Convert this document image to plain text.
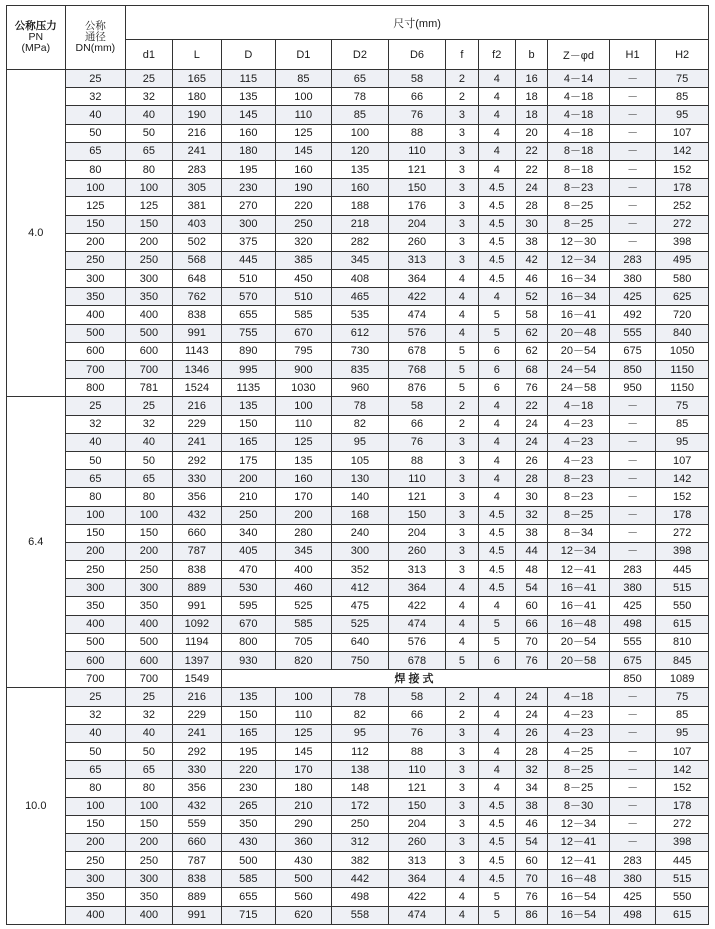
公称压力
PN
(MPa)	公称
通径
DN(mm)	尺寸(mm)											
		d1	L	D	D1	D2	D6	f	f2	b	Z－φd	H1	H2
4.0	25	25	165	115	85	65	58	2	4	16	4－14	－	75
	32	32	180	135	100	78	66	2	4	18	4－18	－	85
	40	40	190	145	110	85	76	3	4	18	4－18	－	95
	50	50	216	160	125	100	88	3	4	20	4－18	－	107
	65	65	241	180	145	120	110	3	4	22	8－18	－	142
	80	80	283	195	160	135	121	3	4	22	8－18	－	152
	100	100	305	230	190	160	150	3	4.5	24	8－23	－	178
	125	125	381	270	220	188	176	3	4.5	28	8－25	－	252
	150	150	403	300	250	218	204	3	4.5	30	8－25	－	272
	200	200	502	375	320	282	260	3	4.5	38	12－30	－	398
	250	250	568	445	385	345	313	3	4.5	42	12－34	283	495
	300	300	648	510	450	408	364	4	4.5	46	16－34	380	580
	350	350	762	570	510	465	422	4	4	52	16－34	425	625
	400	400	838	655	585	535	474	4	5	58	16－41	492	720
	500	500	991	755	670	612	576	4	5	62	20－48	555	840
	600	600	1143	890	795	730	678	5	6	62	20－54	675	1050
	700	700	1346	995	900	835	768	5	6	68	24－54	850	1150
	800	781	1524	1135	1030	960	876	5	6	76	24－58	950	1150
6.4	25	25	216	135	100	78	58	2	4	22	4－18	－	75
	32	32	229	150	110	82	66	2	4	24	4－23	－	85
	40	40	241	165	125	95	76	3	4	24	4－23	－	95
	50	50	292	175	135	105	88	3	4	26	4－23	－	107
	65	65	330	200	160	130	110	3	4	28	8－23	－	142
	80	80	356	210	170	140	121	3	4	30	8－23	－	152
	100	100	432	250	200	168	150	3	4.5	32	8－25	－	178
	150	150	660	340	280	240	204	3	4.5	38	8－34	－	272
	200	200	787	405	345	300	260	3	4.5	44	12－34	－	398
	250	250	838	470	400	352	313	3	4.5	48	12－41	283	445
	300	300	889	530	460	412	364	4	4.5	54	16－41	380	515
	350	350	991	595	525	475	422	4	4	60	16－41	425	550
	400	400	1092	670	585	525	474	4	5	66	16－48	498	615
	500	500	1194	800	705	640	576	4	5	70	20－54	555	810
	600	600	1397	930	820	750	678	5	6	76	20－58	675	845
	700	700	1549	焊接式								850	1089
10.0	25	25	216	135	100	78	58	2	4	24	4－18	－	75
	32	32	229	150	110	82	66	2	4	24	4－23	－	85
	40	40	241	165	125	95	76	3	4	26	4－23	－	95
	50	50	292	195	145	112	88	3	4	28	4－25	－	107
	65	65	330	220	170	138	110	3	4	32	8－25	－	142
	80	80	356	230	180	148	121	3	4	34	8－25	－	152
	100	100	432	265	210	172	150	3	4.5	38	8－30	－	178
	150	150	559	350	290	250	204	3	4.5	46	12－34	－	272
	200	200	660	430	360	312	260	3	4.5	54	12－41	－	398
	250	250	787	500	430	382	313	3	4.5	60	12－41	283	445
	300	300	838	585	500	442	364	4	4.5	70	16－48	380	515
	350	350	889	655	560	498	422	4	5	76	16－54	425	550
	400	400	991	715	620	558	474	4	5	86	16－54	498	615
